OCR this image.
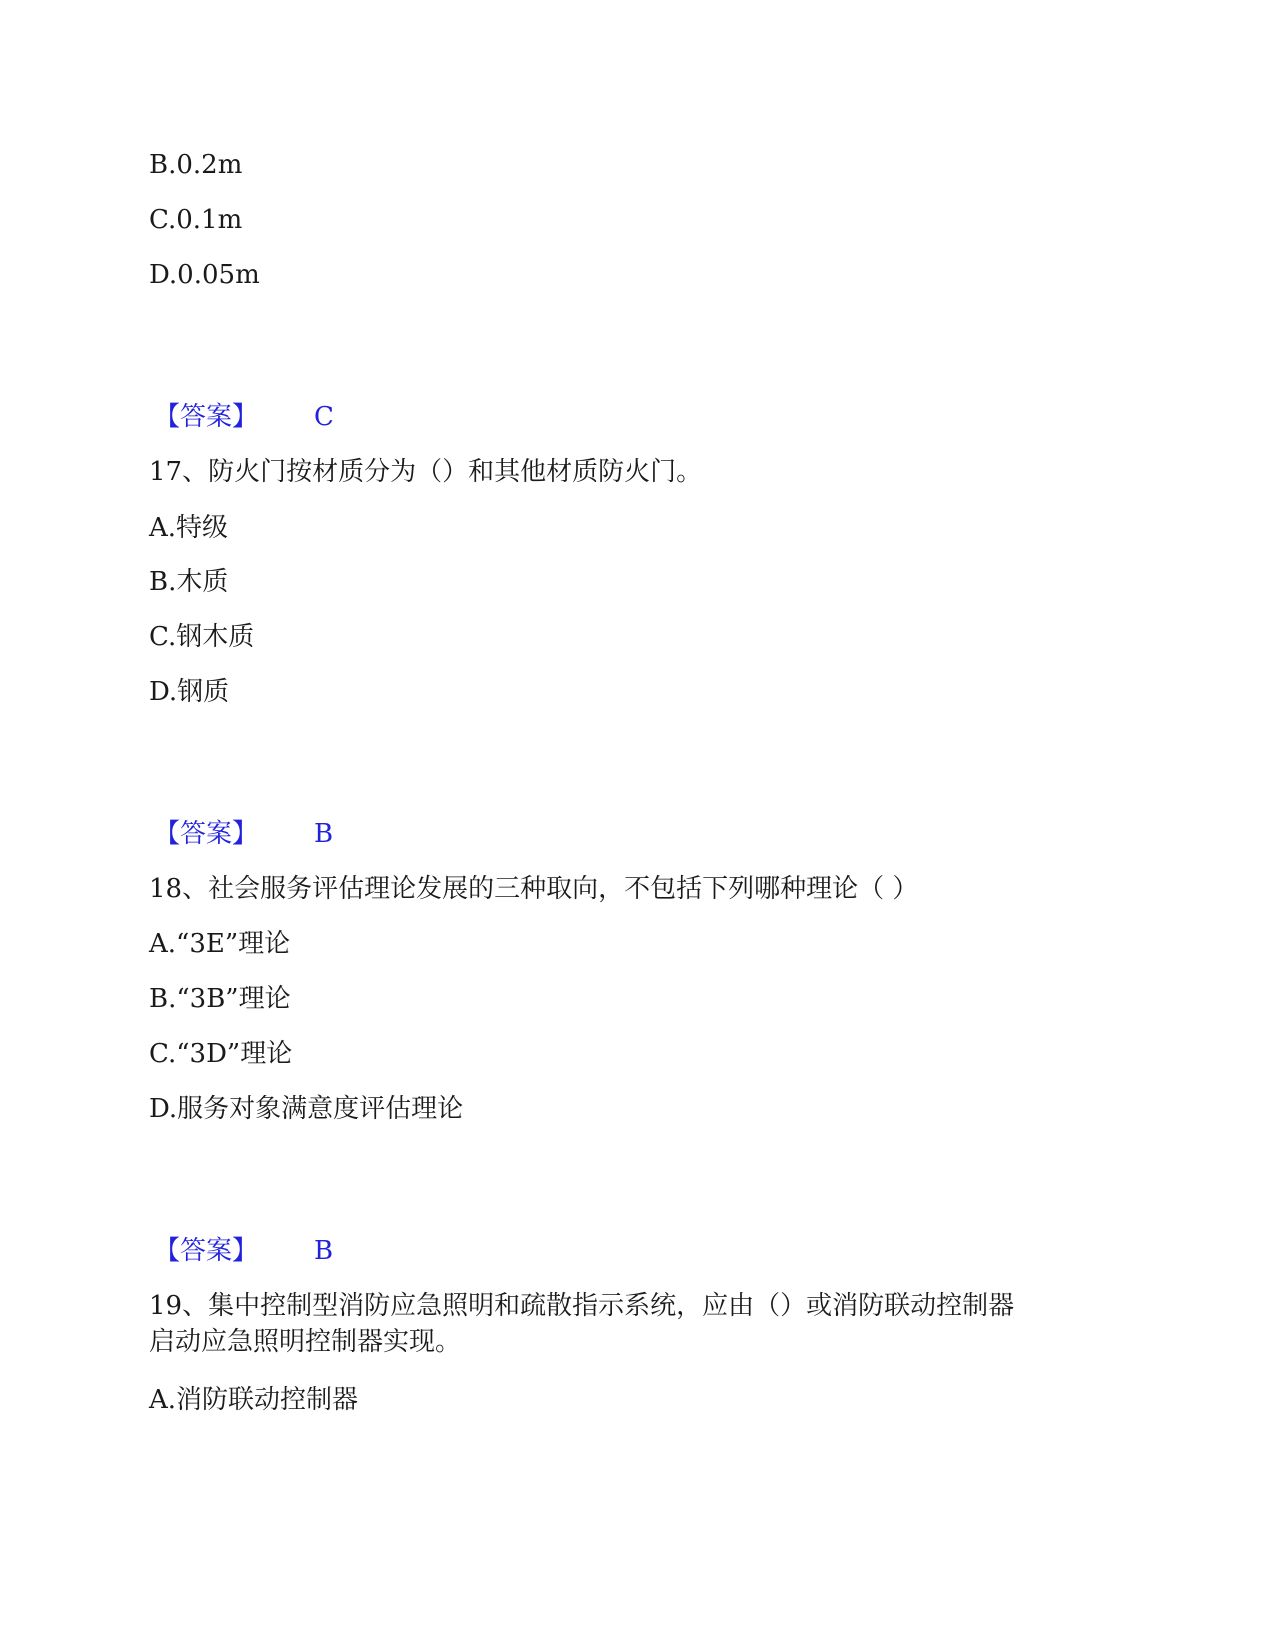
B.0.2m
C.0.1m
D.0.05m
【答案】 C
17、防火门按材质分为（）和其他材质防火门。
A.特级
B.木质
C.钢木质
D.钢质
【答案】 B
18、社会服务评估理论发展的三种取向，不包括下列哪种理论（ ）
A.“3E”理论
B.“3B”理论
C.“3D”理论
D.服务对象满意度评估理论
【答案】 B
19、集中控制型消防应急照明和疏散指示系统，应由（）或消防联动控制器
启动应急照明控制器实现。
A.消防联动控制器
